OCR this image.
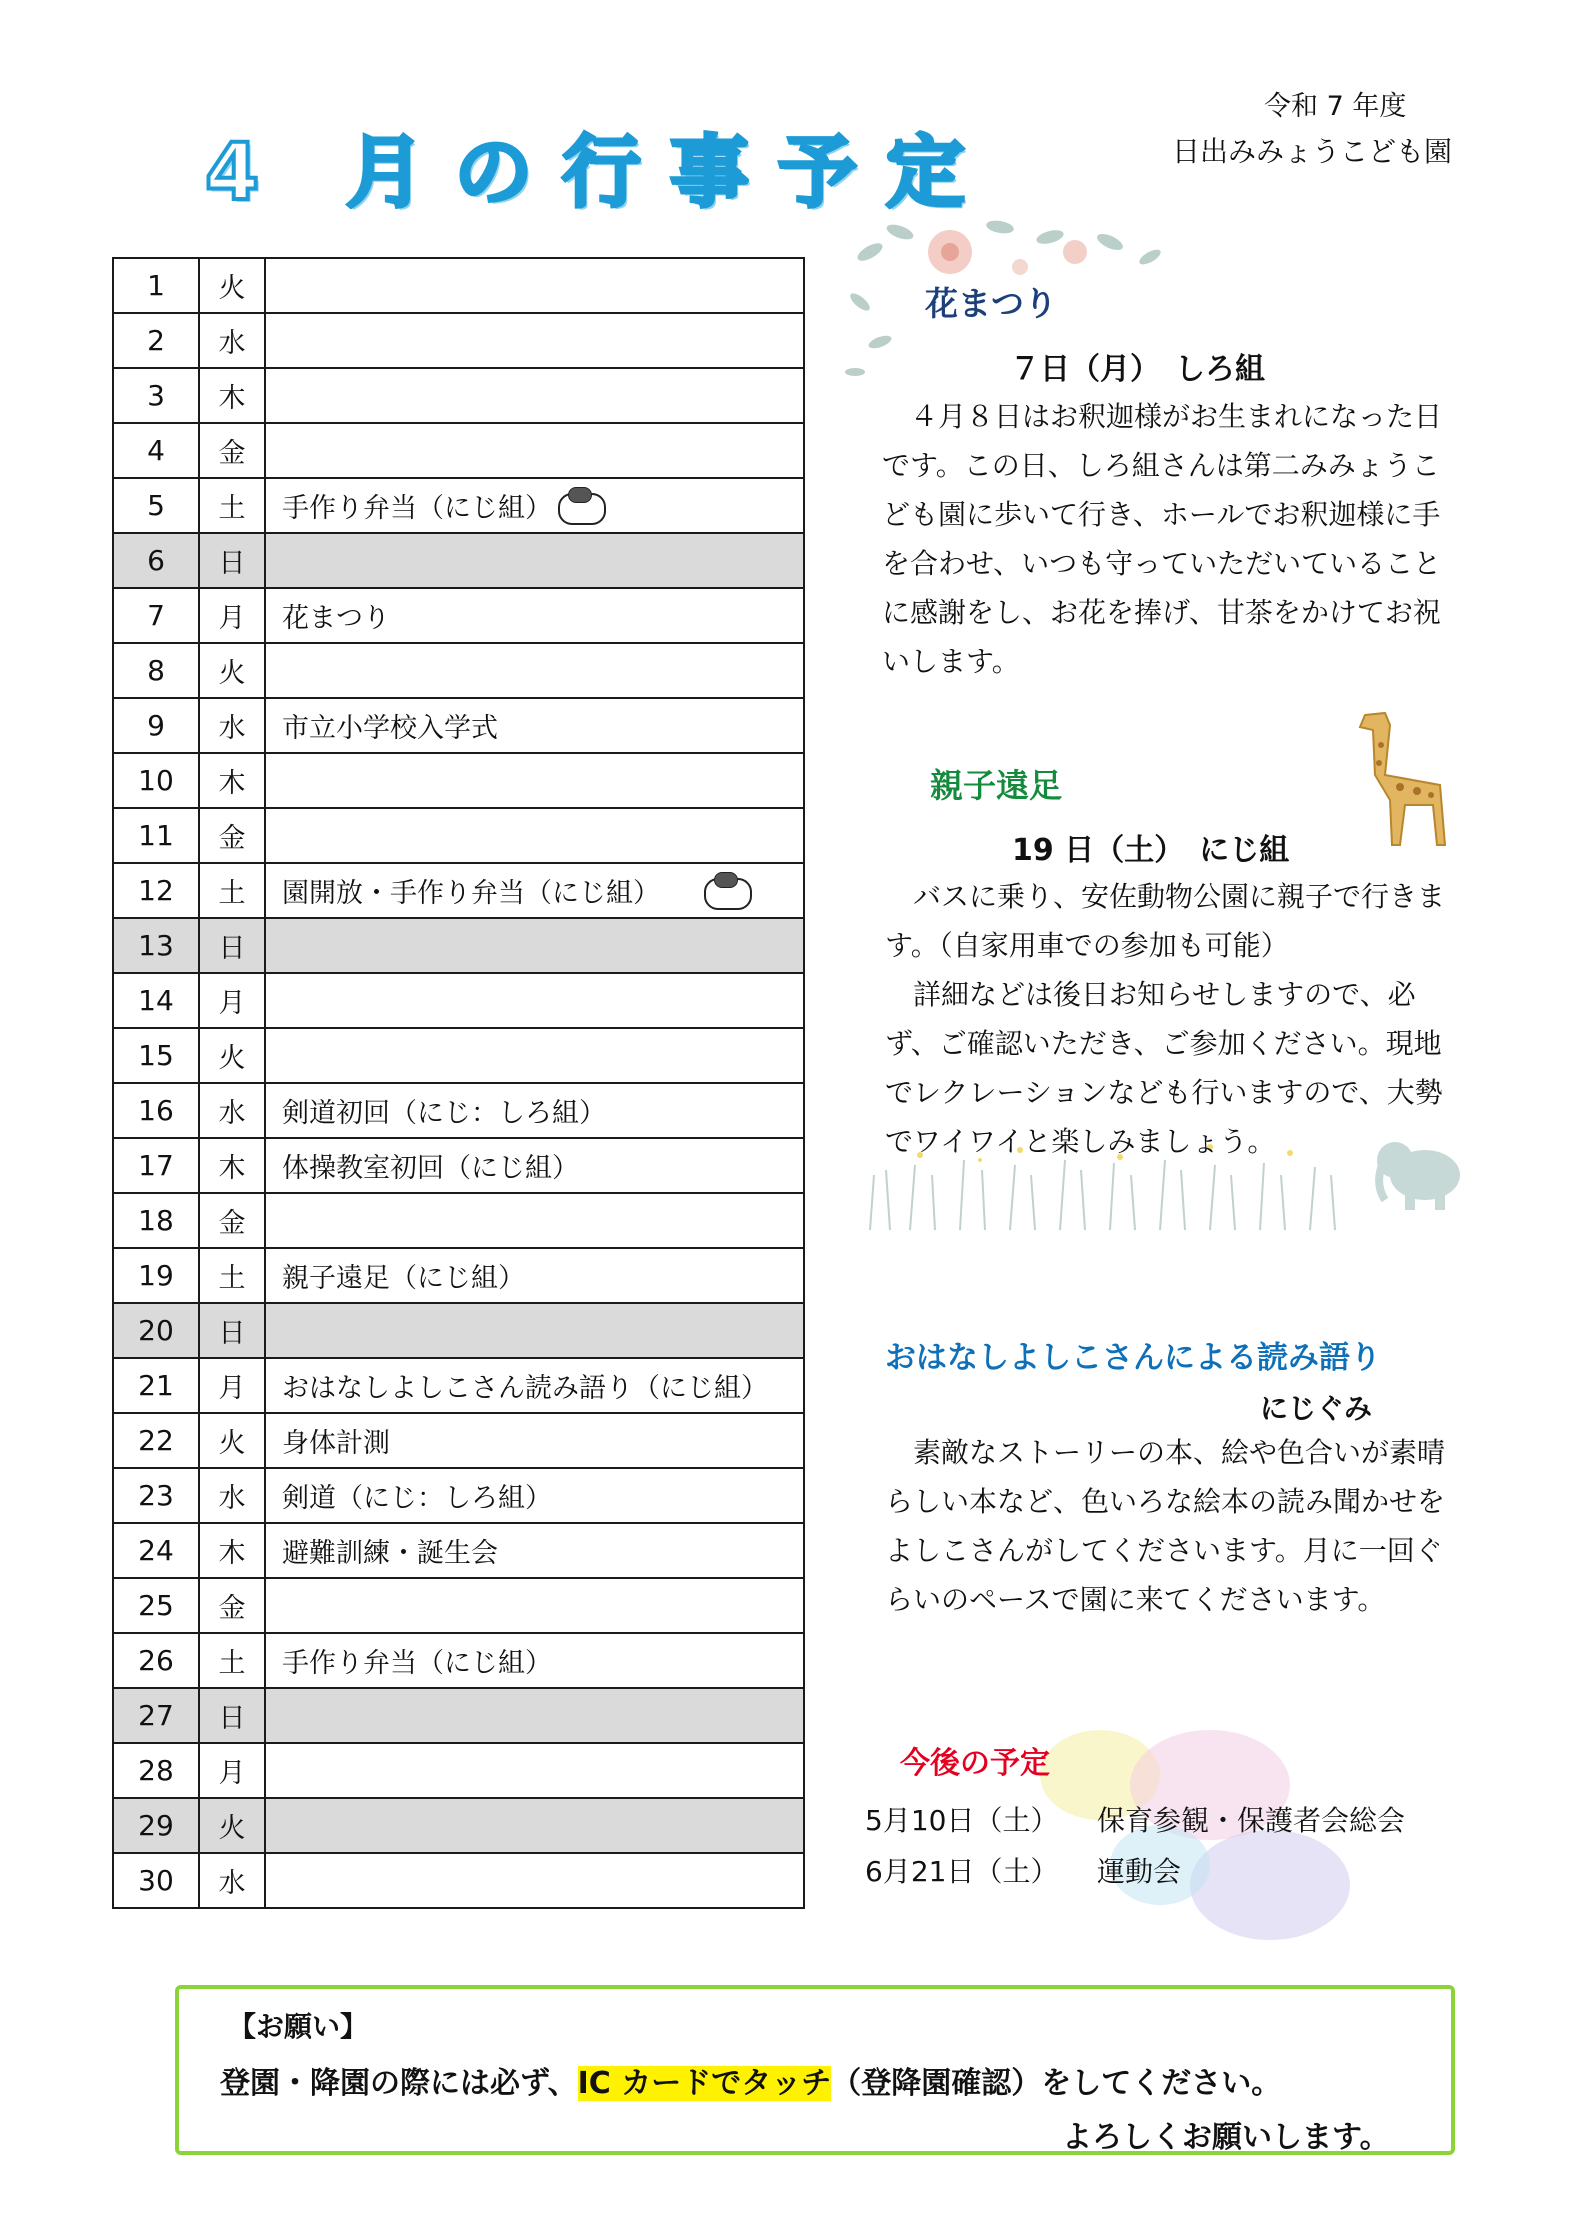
4 月の行事予定
令和 7 年度
日出みみょうこども園
1	火	
2	水	
3	木	
4	金	
5	土	手作り弁当（にじ組）
6	日	
7	月	花まつり
8	火	
9	水	市立小学校入学式
10	木	
11	金	
12	土	園開放・手作り弁当（にじ組）
13	日	
14	月	
15	火	
16	水	剣道初回（にじ：しろ組）
17	木	体操教室初回（にじ組）
18	金	
19	土	親子遠足（にじ組）
20	日	
21	月	おはなしよしこさん読み語り（にじ組）
22	火	身体計測
23	水	剣道（にじ：しろ組）
24	木	避難訓練・誕生会
25	金	
26	土	手作り弁当（にじ組）
27	日	
28	月	
29	火	
30	水	
花まつり
７日（月）　しろ組
 ４月８日はお釈迦様がお生まれになった日です。この日、しろ組さんは第二みみょうこども園に歩いて行き、ホールでお釈迦様に手を合わせ、いつも守っていただいていることに感謝をし、お花を捧げ、甘茶をかけてお祝いします。
親子遠足
19 日（土）　にじ組
 バスに乗り、安佐動物公園に親子で行きます。（自家用車での参加も可能）
 詳細などは後日お知らせしますので、必ず、ご確認いただき、ご参加ください。現地でレクレーションなども行いますので、大勢でワイワイと楽しみましょう。
おはなしよしこさんによる読み語り
にじぐみ
 素敵なストーリーの本、絵や色合いが素晴らしい本など、色いろな絵本の読み聞かせをよしこさんがしてくださいます。月に一回ぐらいのペースで園に来てくださいます。
今後の予定
5月10日（土） 保育参観・保護者会総会
6月21日（土） 運動会
【お願い】
登園・降園の際には必ず、IC カードでタッチ（登降園確認）をしてください。
よろしくお願いします。
